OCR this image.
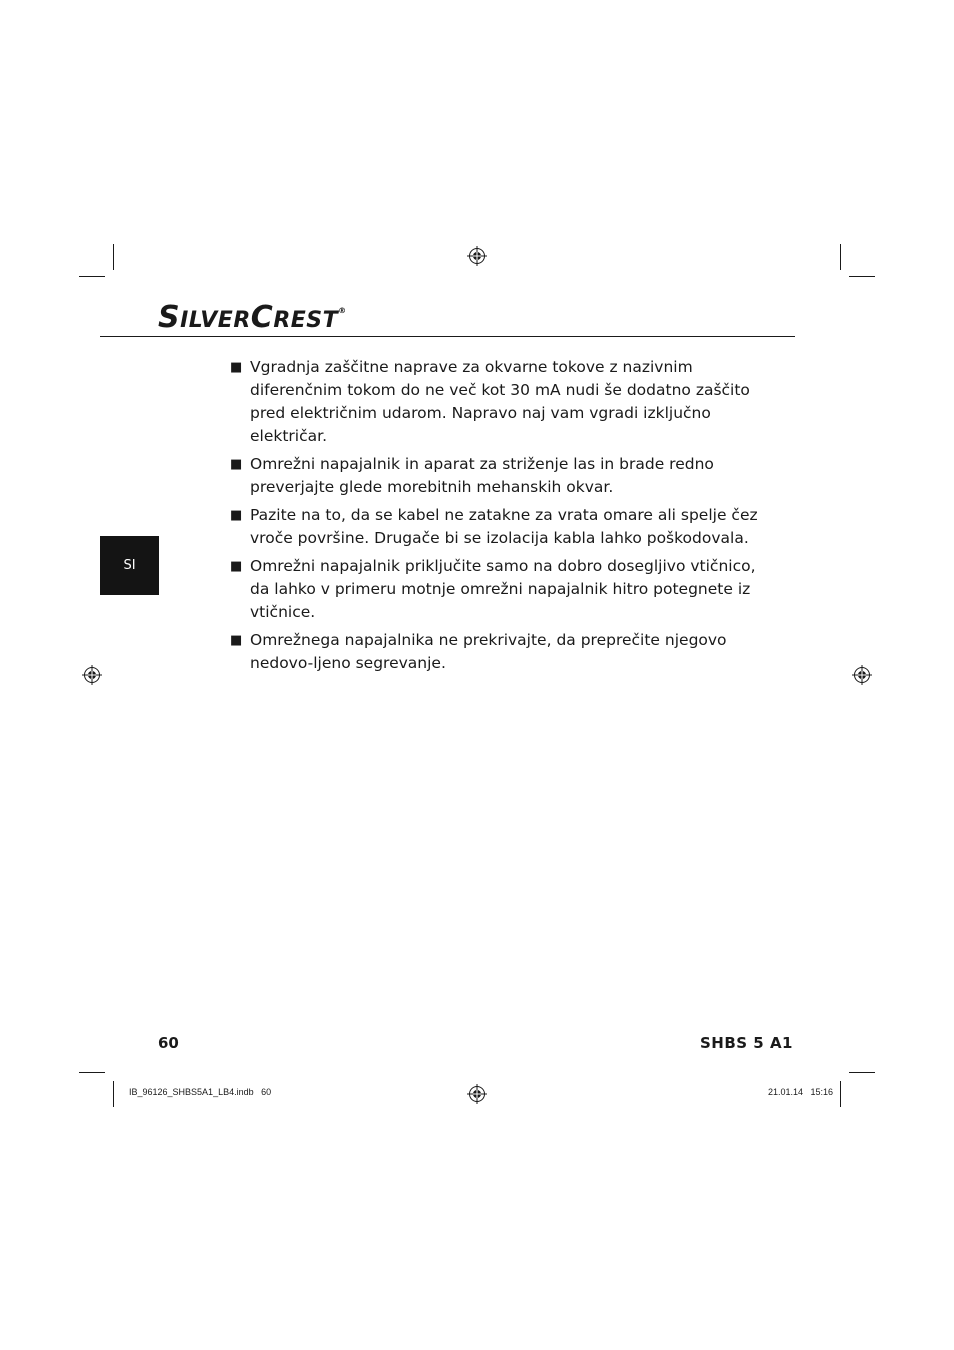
SILVERCREST®
SI
■ Vgradnja zaščitne naprave za okvarne tokove z nazivnim diferenčnim tokom do ne več kot 30 mA nudi še dodatno zaščito pred električnim udarom. Napravo naj vam vgradi izključno električar.
■ Omrežni napajalnik in aparat za striženje las in brade redno preverjajte glede morebitnih mehanskih okvar.
■ Pazite na to, da se kabel ne zatakne za vrata omare ali spelje čez vroče površine. Drugače bi se izolacija kabla lahko poškodovala.
■ Omrežni napajalnik priključite samo na dobro dosegljivo vtičnico, da lahko v primeru motnje omrežni napajalnik hitro potegnete iz vtičnice.
■ Omrežnega napajalnika ne prekrivajte, da preprečite njegovo nedovo-ljeno segrevanje.
60	SHBS 5 A1
IB_96126_SHBS5A1_LB4.indb   60	21.01.14   15:16
